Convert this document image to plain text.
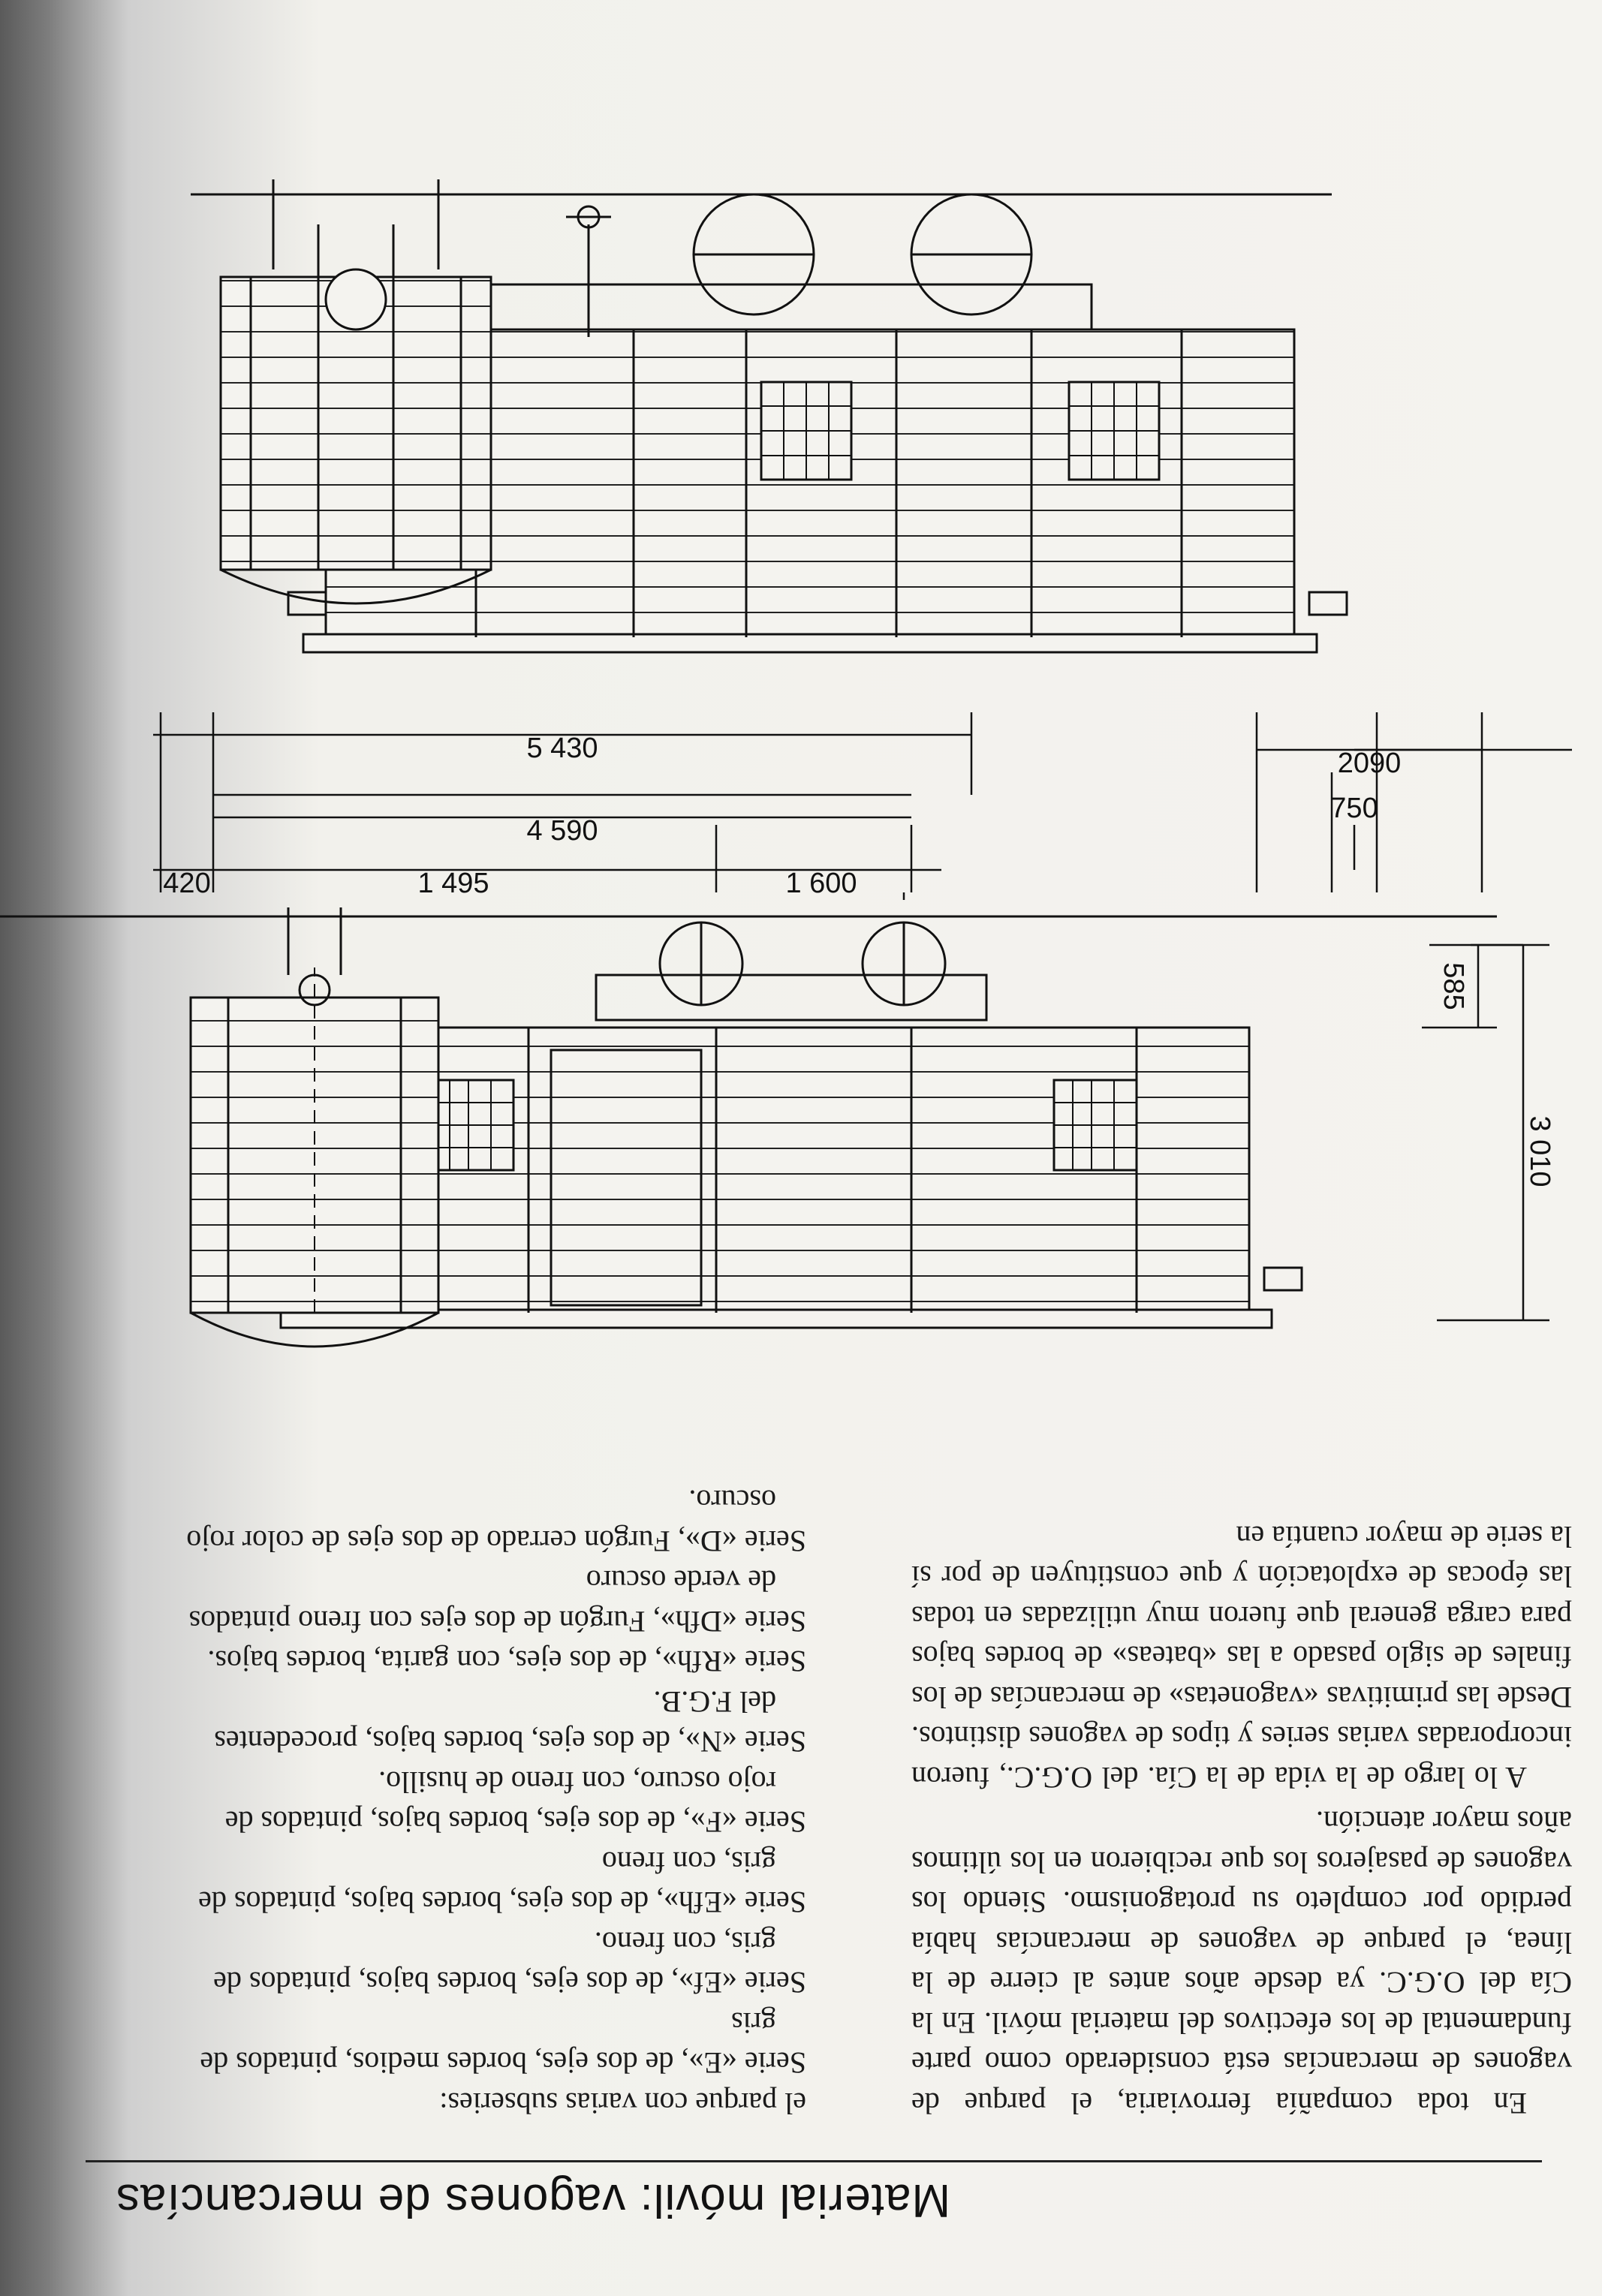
Material móvil: vagones de mercancías

En toda compañía ferroviaria, el parque de vagones de mercancías está considerado como parte fundamental de los efectivos del material móvil. En la Cía del O.G.C. ya desde años antes al cierre de la línea, el parque de vagones de mercancías había perdido por completo su protagonismo. Siendo los vagones de pasajeros los que recibieron en los últimos años mayor atención.

A lo largo de la vida de la Cía. del O.G.C., fueron incorporadas varias series y tipos de vagones distintos. Desde las primitivas «vagonetas» de mercancías de los finales de siglo pasado a las «bateas» de bordes bajos para carga general que fueron muy utilizadas en todas las épocas de explotación y que constituyen de por sí la serie de mayor cuantía en

el parque con varias subseries:

Serie «E», de dos ejes, bordes medios, pintados de
gris
Serie «Ef», de dos ejes, bordes bajos, pintados de
gris, con freno.
Serie «Efh», de dos ejes, bordes bajos, pintados de
gris, con freno
Serie «F», de dos ejes, bordes bajos, pintados de
rojo oscuro, con freno de husillo.
Serie «N», de dos ejes, bordes bajos, procedentes
del F.G.B.
Serie «Rfh», de dos ejes, con garita, bordes bajos.
Serie «Dfh», Furgón de dos ejes con freno pintados
de verde oscuro
Serie «D», Furgón cerrado de dos ejes de color rojo
oscuro.
3 010
585
1 600
1 495
420
4 590
5 430
750
2090
